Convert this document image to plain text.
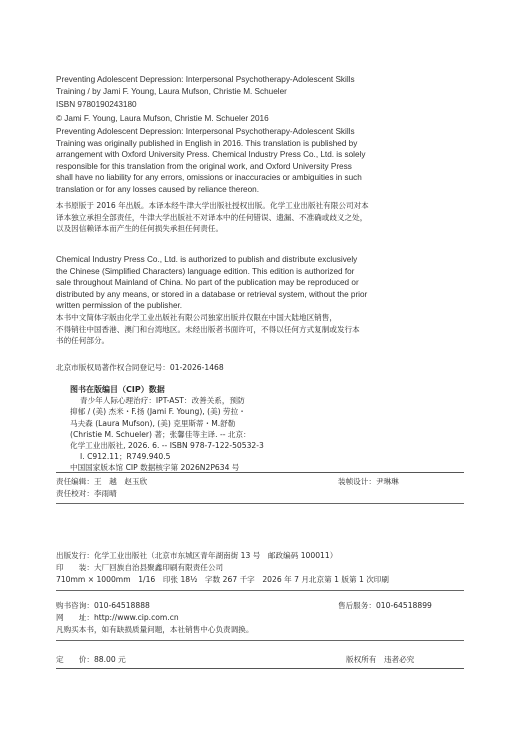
Preventing Adolescent Depression: Interpersonal Psychotherapy-Adolescent Skills

Training / by Jami F. Young, Laura Mufson, Christie M. Schueler

ISBN 9780190243180

© Jami F. Young, Laura Mufson, Christie M. Schueler 2016

Preventing Adolescent Depression: Interpersonal Psychotherapy-Adolescent Skills

Training was originally published in English in 2016. This translation is published by

arrangement with Oxford University Press. Chemical Industry Press Co., Ltd. is solely

responsible for this translation from the original work, and Oxford University Press

shall have no liability for any errors, omissions or inaccuracies or ambiguities in such

translation or for any losses caused by reliance thereon.

本书原版于 2016 年出版。本译本经牛津大学出版社授权出版。化学工业出版社有限公司对本

译本独立承担全部责任，牛津大学出版社不对译本中的任何错误、遗漏、不准确或歧义之处，

以及因信赖译本而产生的任何损失承担任何责任。

Chemical Industry Press Co., Ltd. is authorized to publish and distribute exclusively

the Chinese (Simplified Characters) language edition. This edition is authorized for

sale throughout Mainland of China. No part of the publication may be reproduced or

distributed by any means, or stored in a database or retrieval system, without the prior

written permission of the publisher.

本书中文简体字版由化学工业出版社有限公司独家出版并仅限在中国大陆地区销售，

不得销往中国香港、澳门和台湾地区。未经出版者书面许可，不得以任何方式复制或发行本

书的任何部分。

北京市版权局著作权合同登记号：01-2026-1468
图书在版编目（CIP）数据
青少年人际心理治疗：IPT-AST：改善关系，预防
抑郁 / (美) 杰米・F.扬 (Jami F. Young), (美) 劳拉・
马夫森 (Laura Mufson), (美) 克里斯蒂・M.舒勒
(Christie M. Schueler) 著；张馨佳等主译. -- 北京：
化学工业出版社, 2026. 6. -- ISBN 978-7-122-50532-3
Ⅰ. C912.11；R749.940.5
中国国家版本馆 CIP 数据核字第 2026N2P634 号
责任编辑：王　越　赵玉欣	装帧设计：尹琳琳
责任校对：李雨晴
出版发行：化学工业出版社（北京市东城区青年湖南街 13 号　邮政编码 100011）
印　　装：大厂回族自治县聚鑫印刷有限责任公司
710mm × 1000mm　1/16　印张 18½　字数 267 千字　2026 年 7 月北京第 1 版第 1 次印刷
购书咨询：010-64518888	售后服务：010-64518899
网　　址：http://www.cip.com.cn
凡购买本书，如有缺损质量问题，本社销售中心负责调换。
定　　价：88.00 元	版权所有　违者必究
